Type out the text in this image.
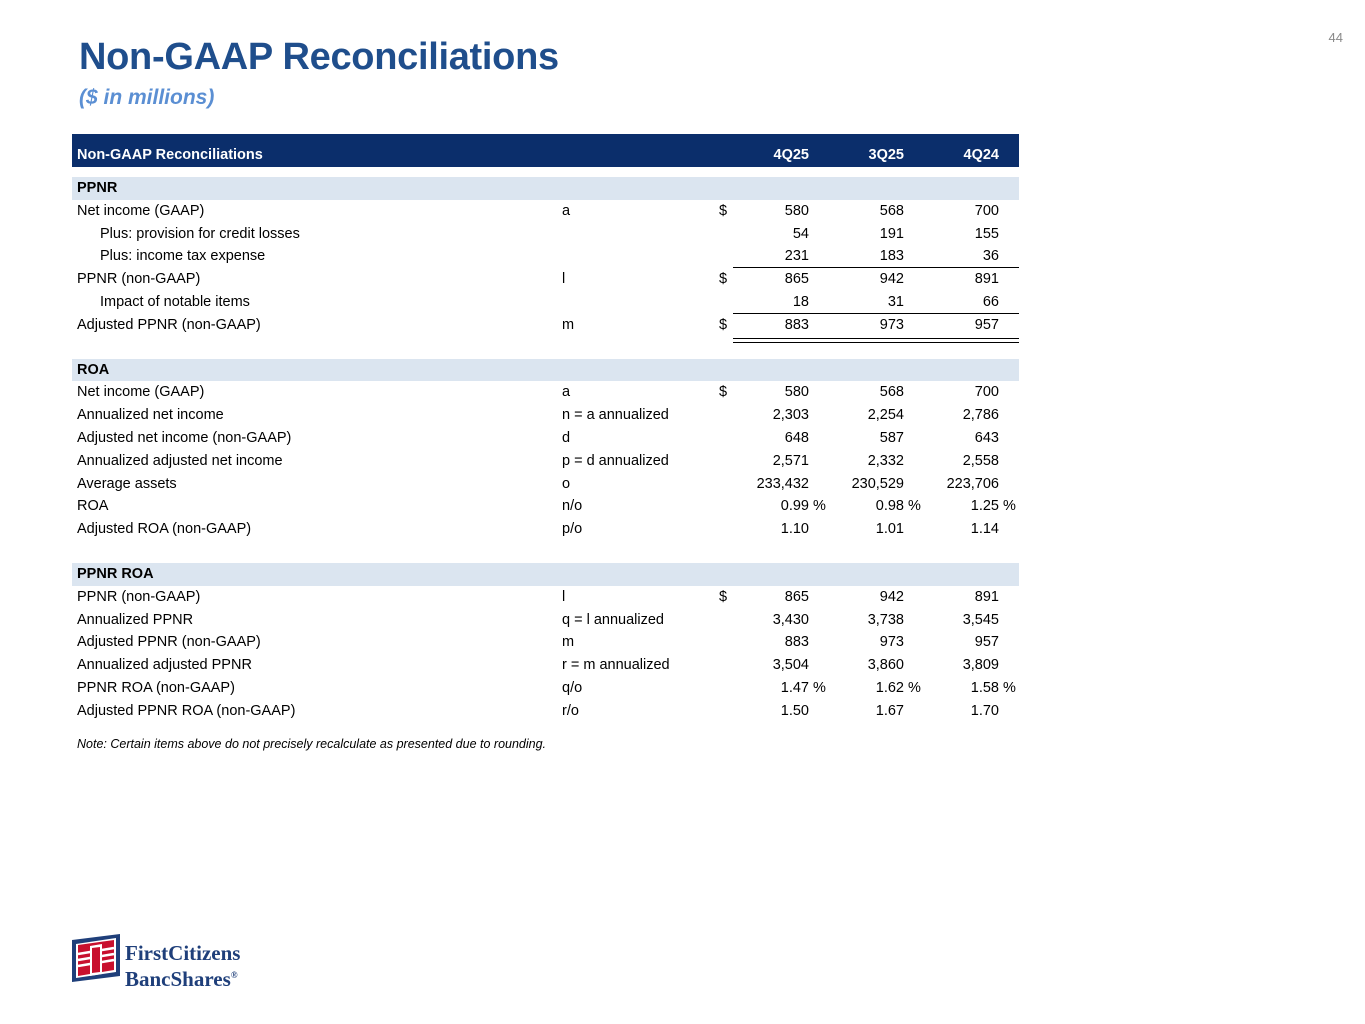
44
Non-GAAP Reconciliations
($ in millions)
Non-GAAP Reconciliations	4Q25	3Q25	4Q24
PPNR
Net income (GAAP)	a	$	580	568	700
Plus: provision for credit losses	54	191	155
Plus: income tax expense	231	183	36
PPNR (non-GAAP)	l	$	865	942	891
Impact of notable items	18	31	66
Adjusted PPNR (non-GAAP)	m	$	883	973	957
ROA
Net income (GAAP)	a	$	580	568	700
Annualized net income	n = a annualized	2,303	2,254	2,786
Adjusted net income (non-GAAP)	d	648	587	643
Annualized adjusted net income	p = d annualized	2,571	2,332	2,558
Average assets	o	233,432	230,529	223,706
ROA	n/o	0.99 %	0.98 %	1.25 %
Adjusted ROA (non-GAAP)	p/o	1.10	1.01	1.14
PPNR ROA
PPNR (non-GAAP)	l	$	865	942	891
Annualized PPNR	q = l annualized	3,430	3,738	3,545
Adjusted PPNR (non-GAAP)	m	883	973	957
Annualized adjusted PPNR	r = m annualized	3,504	3,860	3,809
PPNR ROA (non-GAAP)	q/o	1.47 %	1.62 %	1.58 %
Adjusted PPNR ROA (non-GAAP)	r/o	1.50	1.67	1.70
Note: Certain items above do not precisely recalculate as presented due to rounding.
FirstCitizens
BancShares®
